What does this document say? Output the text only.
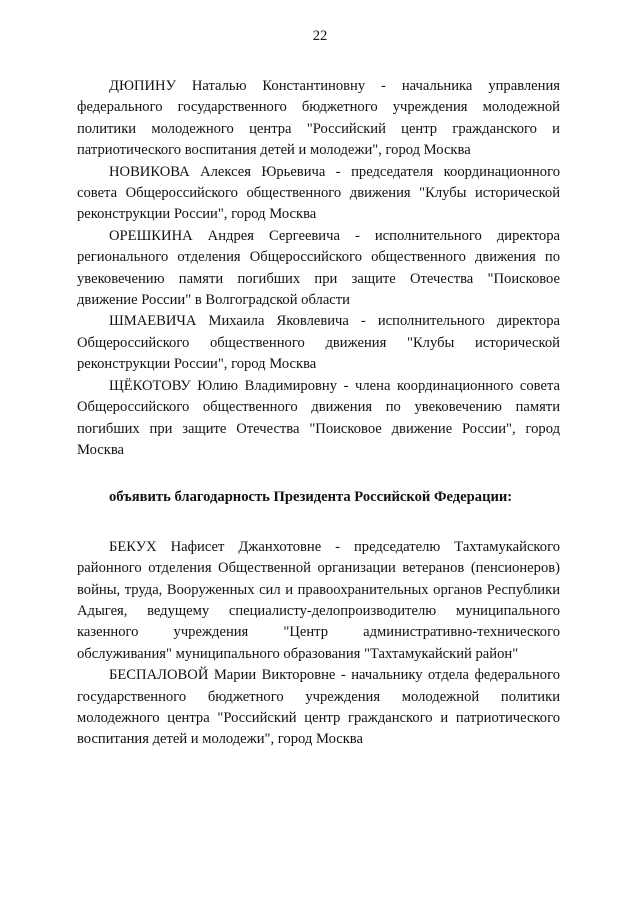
22

ДЮПИНУ Наталью Константиновну - начальника управления федерального государственного бюджетного учреждения молодежной политики молодежного центра "Российский центр гражданского и патриотического воспитания детей и молодежи", город Москва

НОВИКОВА Алексея Юрьевича - председателя координационного совета Общероссийского общественного движения "Клубы исторической реконструкции России", город Москва

ОРЕШКИНА Андрея Сергеевича - исполнительного директора регионального отделения Общероссийского общественного движения по увековечению памяти погибших при защите Отечества "Поисковое движение России" в Волгоградской области

ШМАЕВИЧА Михаила Яковлевича - исполнительного директора Общероссийского общественного движения "Клубы исторической реконструкции России", город Москва

ЩЁКОТОВУ Юлию Владимировну - члена координационного совета Общероссийского общественного движения по увековечению памяти погибших при защите Отечества "Поисковое движение России", город Москва

объявить благодарность Президента Российской Федерации:

БЕКУХ Нафисет Джанхотовне - председателю Тахтамукайского районного отделения Общественной организации ветеранов (пенсионеров) войны, труда, Вооруженных сил и правоохранительных органов Республики Адыгея, ведущему специалисту-делопроизводителю муниципального казенного учреждения "Центр административно-технического обслуживания" муниципального образования "Тахтамукайский район"

БЕСПАЛОВОЙ Марии Викторовне - начальнику отдела федерального государственного бюджетного учреждения молодежной политики молодежного центра "Российский центр гражданского и патриотического воспитания детей и молодежи", город Москва
